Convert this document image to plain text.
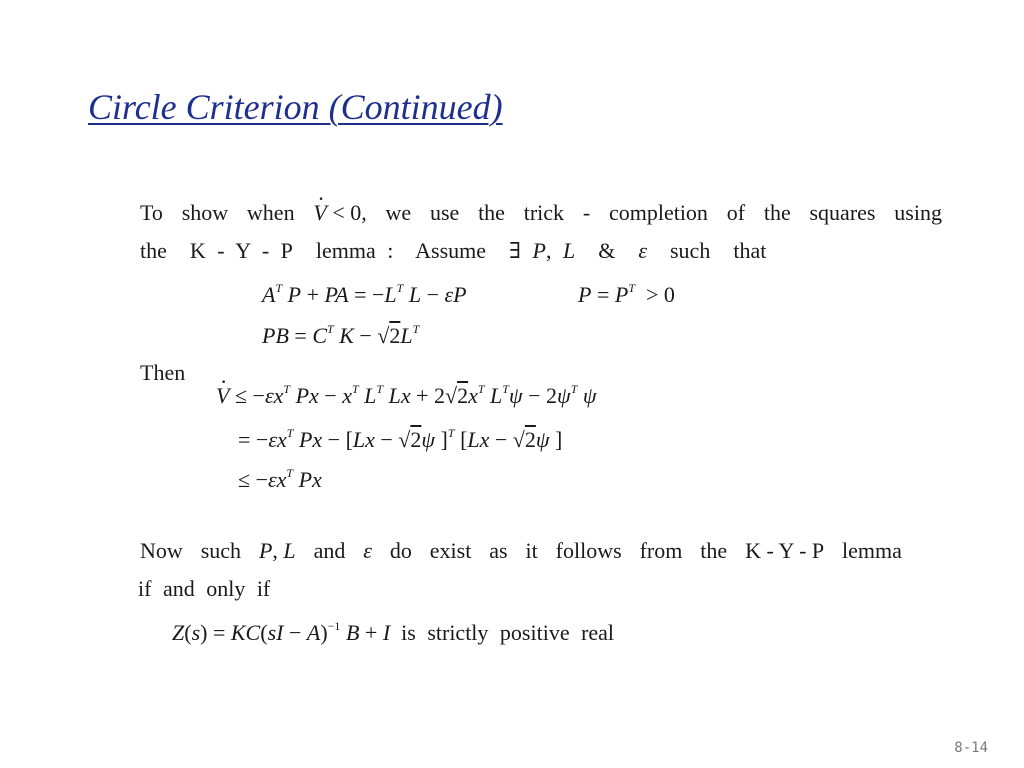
Circle Criterion (Continued)
To show when · V < 0, we use the trick - completion of the squares using
the  K - Y - P  lemma :  Assume  ∃ P, L  &  ε  such  that
$A^T$ P + PA = $-L^T$ L − εP	$P = P^T > 0$
PB = $C^T$ $K - √2L^T$
Then
· $V \le -\varepsilon x^T$ $Px - x^T$ $L^T$ $Lx + 2√2x^T$ $L^T\psi - 2\psi^T$ ψ
= $-\varepsilon x^T$ Px − [Lx − √2ψ ]$^T$ [Lx − √2ψ ]
≤ $-\varepsilon x^T$ Px
Now such P, L and ε do exist as it follows from the K - Y - P lemma
if and only if
Z(s) = KC(sI − A)$^{-1}$ B + I is strictly positive real
8-14
